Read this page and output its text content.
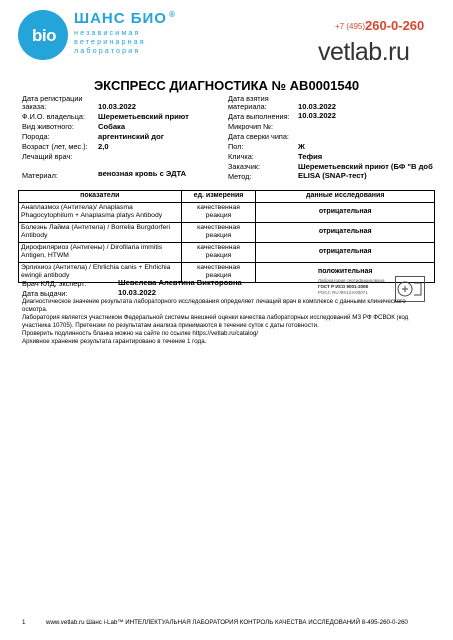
bio
ШАНС БИО ®
независимая
ветеринарная
лаборатория
+7 (495) 260-0-260
vetlab.ru
ЭКСПРЕСС ДИАГНОСТИКА № АВ0001540
Дата регистрации
заказа:	10.03.2022
Ф.И.О. владельца: Шереметьевский приют
Вид животного:	Собака
Порода:	аргентинский дог
Возраст (лет, мес.): 2,0
Лечащий врач:
Материал:	венозная кровь с ЭДТА
Дата взятия
материала:	10.03.2022
Дата выполнения: 10.03.2022
Микрочип №:
Дата сверки чипа:
Пол:	Ж
Кличка:	Тефия
Заказчик:	Шереметьевский приют (БФ "В доб
Метод:	ELISA (SNAP-тест)
показатели	ед. измерения	данные исследования
Анаплазмоз (Антитела)/ Anaplasma Phagocytophilum + Anaplasma platys Antibody	качественная реакция	отрицательная
Болезнь Лайма (Антитела) / Borrelia Burgdorferi Antibody	качественная реакция	отрицательная
Дирофиляриоз (Антигены) / Dirofilaria immitis Antigen, HTWM	качественная реакция	отрицательная
Эрлихиоз (Антитела) / Ehrlichia canis + Ehrlichia ewingii antibody	качественная реакция	положительная
Врач КЛД, эксперт:	Шевелева Алевтина Викторовна
Дата выдачи:	10.03.2022
Лаборатория сертифицирована
ГОСТ Р ИСО 9001-2008
РОСС RU.ФК13.K00071
Диагностическое значение результата лабораторного исследования определяет лечащий врач в комплексе с данными клинического осмотра.
Лаборатория является участником Федеральной системы внешней оценки качества лабораторных исследований МЗ РФ ФСВОК (код участника 10705). Претензии по результатам анализа принимаются в течение суток с даты готовности.
Проверить подлинность бланка можно на сайте по ссылке https://vetlab.ru/catalog/
Архивное хранение результата гарантировано в течение 1 года.
1	www.vetlab.ru Шанс i-Lab™ ИНТЕЛЛЕКТУАЛЬНАЯ ЛАБОРАТОРИЯ КОНТРОЛЬ КАЧЕСТВА ИССЛЕДОВАНИЙ 8-495-260-0-260
